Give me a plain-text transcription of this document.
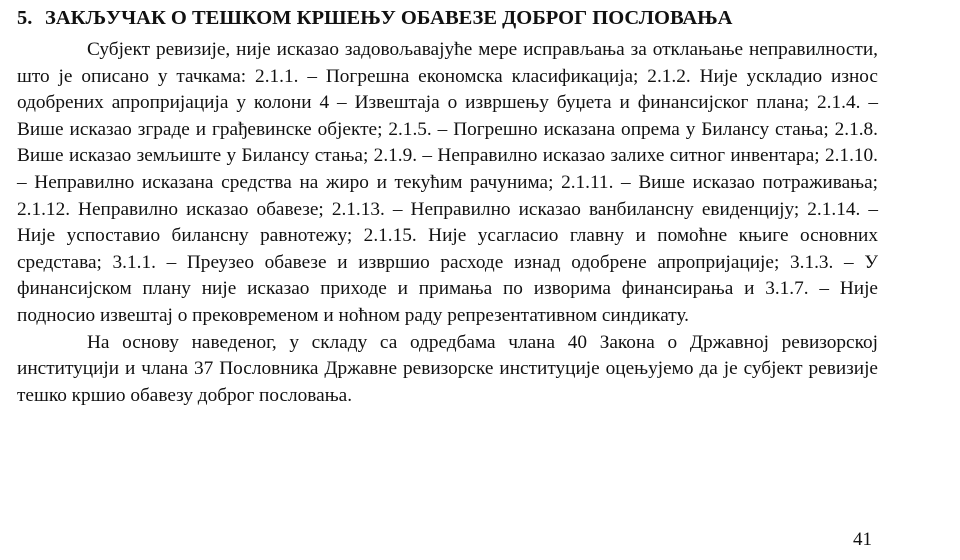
5. ЗАКЉУЧАК О ТЕШКОМ КРШЕЊУ ОБАВЕЗЕ ДОБРОГ ПОСЛОВАЊА

Субјект ревизије, није исказао задовољавајуће мере исправљања за отклањање неправилности, што је описано у тачкама: 2.1.1. – Погрешна економска класификација; 2.1.2. Није ускладио износ одобрених апропријација у колони 4 – Извештаја о извршењу буџета и финансијског плана; 2.1.4. – Више исказао зграде и грађевинске објекте; 2.1.5. – Погрешно исказана опрема у Билансу стања; 2.1.8. Више исказао земљиште у Билансу стања; 2.1.9. – Неправилно исказао залихе ситног инвентара; 2.1.10. – Неправилно исказана средства на жиро и текућим рачунима; 2.1.11. – Више исказао потраживања; 2.1.12. Неправилно исказао обавезе; 2.1.13. – Неправилно исказао ванбилансну евиденцију; 2.1.14. – Није успоставио билансну равнотежу; 2.1.15. Није усагласио главну и помоћне књиге основних средстава; 3.1.1. – Преузео обавезе и извршио расходе изнад одобрене апропријације; 3.1.3. – У финансијском плану није исказао приходе и примања по изворима финансирања и 3.1.7. – Није подносио извештај о прековременом и ноћном раду репрезентативном синдикату.

На основу наведеног, у складу са одредбама члана 40 Закона о Државној ревизорској институцији и члана 37 Пословника Државне ревизорске институције оцењујемо да је субјект ревизије тешко кршио обавезу доброг пословања.

41
